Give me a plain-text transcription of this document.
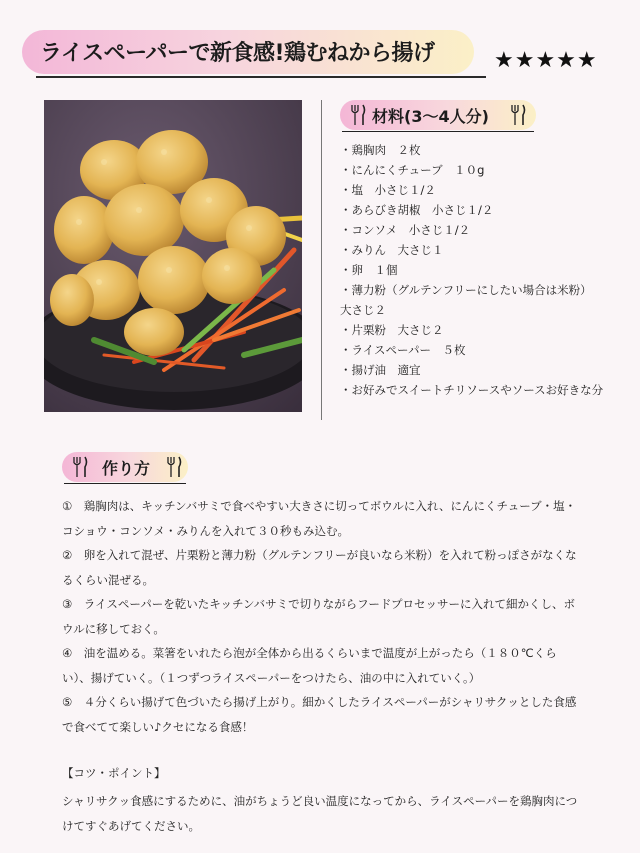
ライスペーパーで新食感!鶏むねから揚げ	★★★★★
材料(3〜4人分)
・鶏胸肉　２枚
・にんにくチューブ　１０g
・塩　小さじ１/２
・あらびき胡椒　小さじ１/２
・コンソメ　小さじ１/２
・みりん　大さじ１
・卵　１個
・薄力粉（グルテンフリーにしたい場合は米粉）
大さじ２
・片栗粉　大さじ２
・ライスペーパー　５枚
・揚げ油　適宜
・お好みでスイートチリソースやソースお好きな分
作り方

①　鶏胸肉は、キッチンバサミで食べやすい大きさに切ってボウルに入れ、にんにくチューブ・塩・

コショウ・コンソメ・みりんを入れて３０秒もみ込む。

②　卵を入れて混ぜ、片栗粉と薄力粉（グルテンフリーが良いなら米粉）を入れて粉っぽさがなくな

るくらい混ぜる。

③　ライスペーパーを乾いたキッチンバサミで切りながらフードプロセッサーに入れて細かくし、ボ

ウルに移しておく。

④　油を温める。菜箸をいれたら泡が全体から出るくらいまで温度が上がったら（１８０℃くら

い）、揚げていく。（１つずつライスペーパーをつけたら、油の中に入れていく。）

⑤　４分くらい揚げて色づいたら揚げ上がり。細かくしたライスペーパーがシャリサクッとした食感

で食べてて楽しい♪クセになる食感！

【コツ・ポイント】
シャリサクッ食感にするために、油がちょうど良い温度になってから、ライスペーパーを鶏胸肉につ
けてすぐあげてください。
